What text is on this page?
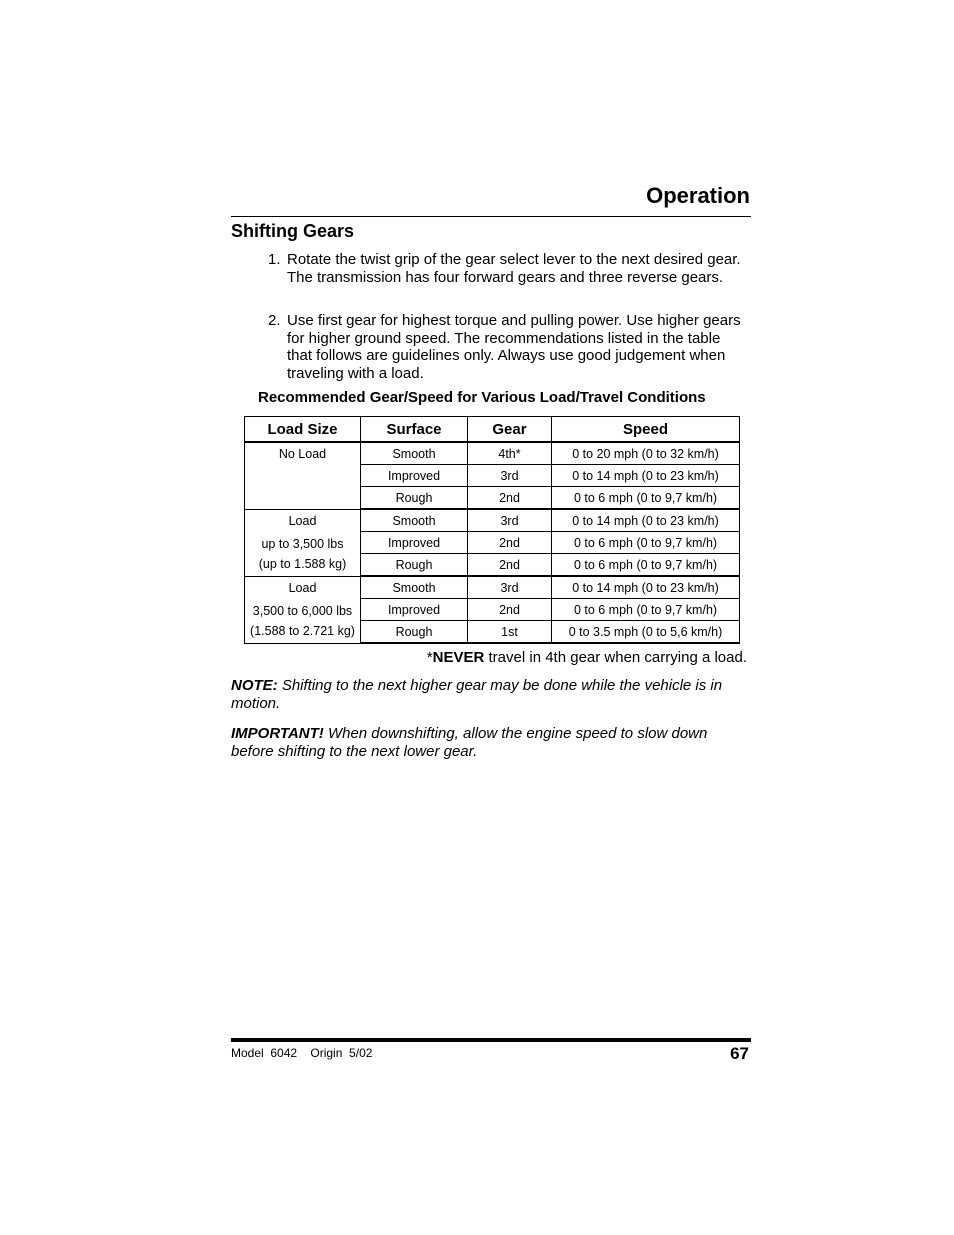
Operation
Shifting Gears
1. Rotate the twist grip of the gear select lever to the next desired gear. The transmission has four forward gears and three reverse gears.
2. Use first gear for highest torque and pulling power. Use higher gears for higher ground speed. The recommendations listed in the table that follows are guidelines only. Always use good judgement when traveling with a load.
Recommended Gear/Speed for Various Load/Travel Conditions
Load Size	Surface	Gear	Speed

No Load	Smooth	4th*	0 to 20 mph (0 to 32 km/h)
	Improved	3rd	0 to 14 mph (0 to 23 km/h)
	Rough	2nd	0 to 6 mph (0 to 9,7 km/h)

Load
up to 3,500 lbs
(up to 1.588 kg)	Smooth	3rd	0 to 14 mph (0 to 23 km/h)
	Improved	2nd	0 to 6 mph (0 to 9,7 km/h)
	Rough	2nd	0 to 6 mph (0 to 9,7 km/h)

Load
3,500 to 6,000 lbs
(1.588 to 2.721 kg)	Smooth	3rd	0 to 14 mph (0 to 23 km/h)
	Improved	2nd	0 to 6 mph (0 to 9,7 km/h)
	Rough	1st	0 to 3.5 mph (0 to 5,6 km/h)
*NEVER travel in 4th gear when carrying a load.
NOTE: Shifting to the next higher gear may be done while the vehicle is in motion.
IMPORTANT! When downshifting, allow the engine speed to slow down before shifting to the next lower gear.
Model  6042    Origin  5/02	67
